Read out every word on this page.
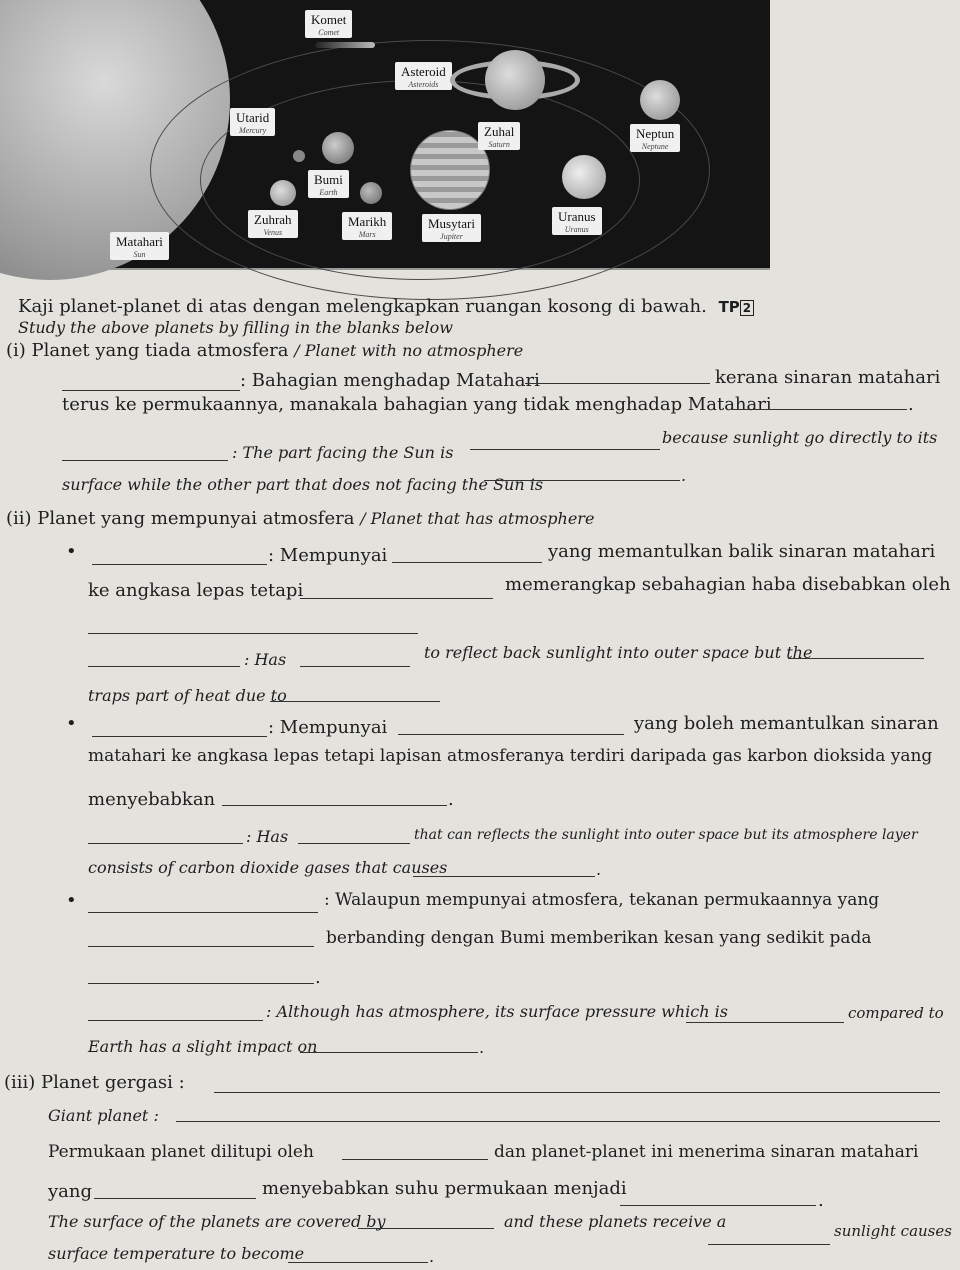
Komet
Comet
Asteroid
Asteroids
Utarid
Mercury
Bumi
Earth
Zuhrah
Venus
Marikh
Mars
Musytari
Jupiter
Zuhal
Saturn
Uranus
Uranus
Neptun
Neptune
Matahari
Sun
Kaji planet-planet di atas dengan melengkapkan ruangan kosong di bawah. TP 2
Study the above planets by filling in the blanks below
(i) Planet yang tiada atmosfera / Planet with no atmosphere
kerana sinaran matahari
: Bahagian menghadap Matahari
terus ke permukaannya, manakala bahagian yang tidak menghadap Matahari	.
because sunlight go directly to its
: The part facing the Sun is
surface while the other part that does not facing the Sun is	.
(ii) Planet yang mempunyai atmosfera / Planet that has atmosphere
•	: Mempunyai	yang memantulkan balik sinaran matahari
ke angkasa lepas tetapi	memerangkap sebahagian haba disebabkan oleh
: Has	to reflect back sunlight into outer space but the
traps part of heat due to
•	: Mempunyai	yang boleh memantulkan sinaran
matahari ke angkasa lepas tetapi lapisan atmosferanya terdiri daripada gas karbon dioksida yang
menyebabkan	.
: Has	that can reflects the sunlight into outer space but its atmosphere layer
consists of carbon dioxide gases that causes	.
•	: Walaupun mempunyai atmosfera, tekanan permukaannya yang
berbanding dengan Bumi memberikan kesan yang sedikit pada
.
: Although has atmosphere, its surface pressure which is	compared to
Earth has a slight impact on	.
(iii) Planet gergasi :
Giant planet :
Permukaan planet dilitupi oleh	dan planet-planet ini menerima sinaran matahari
yang	menyebabkan suhu permukaan menjadi
.
The surface of the planets are covered by	and these planets receive a	sunlight causes
surface temperature to become	.
